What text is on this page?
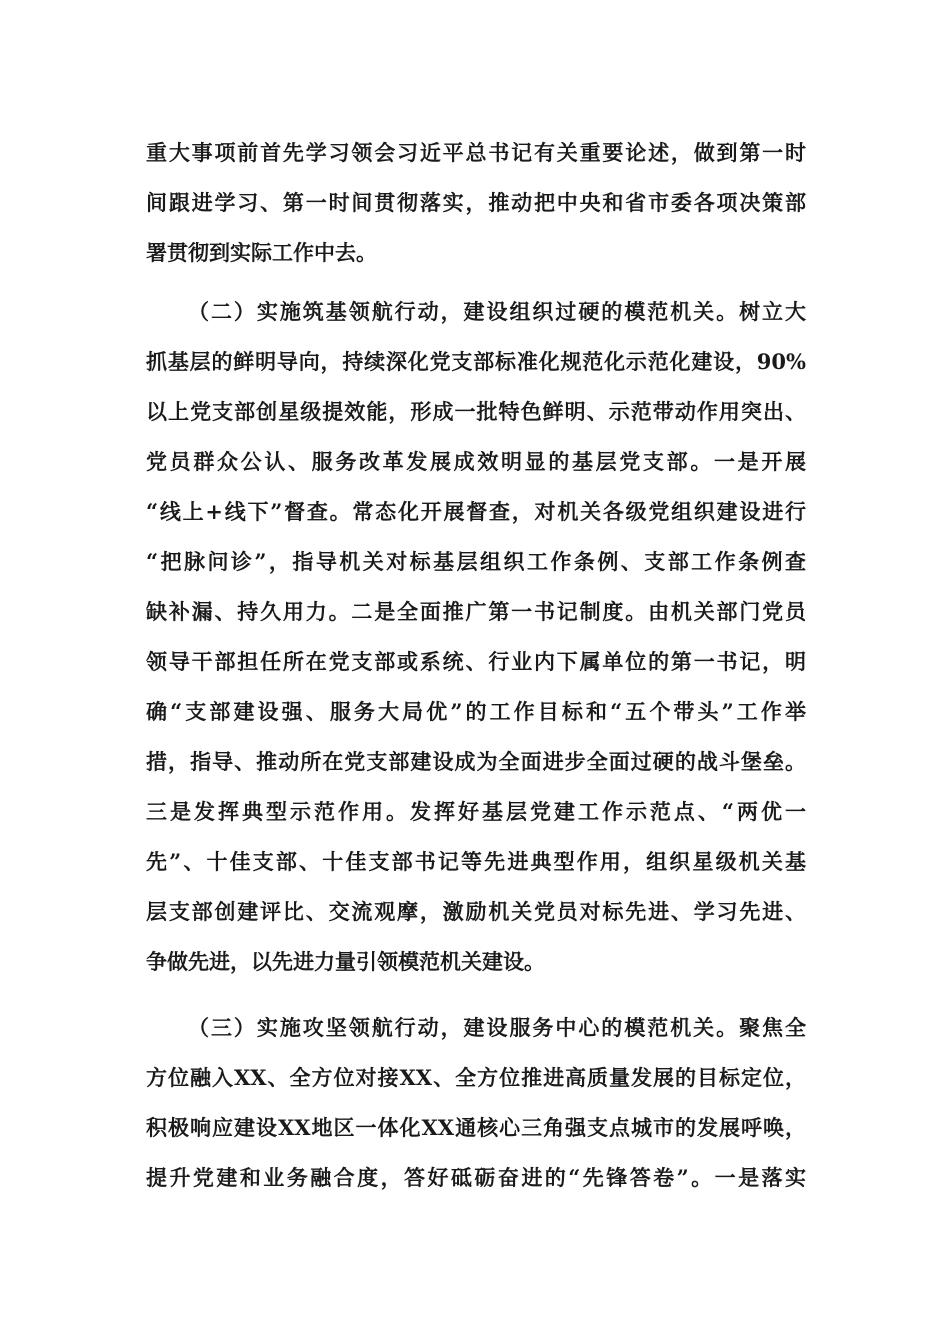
重大事项前首先学习领会习近平总书记有关重要论述，做到第一时
间跟进学习、第一时间贯彻落实，推动把中央和省市委各项决策部
署贯彻到实际工作中去。
（二）实施筑基领航行动，建设组织过硬的模范机关。树立大
抓基层的鲜明导向，持续深化党支部标准化规范化示范化建设，90%
以上党支部创星级提效能，形成一批特色鲜明、示范带动作用突出、
党员群众公认、服务改革发展成效明显的基层党支部。一是开展
“线上+线下”督查。常态化开展督查，对机关各级党组织建设进行
“把脉问诊”，指导机关对标基层组织工作条例、支部工作条例查
缺补漏、持久用力。二是全面推广第一书记制度。由机关部门党员
领导干部担任所在党支部或系统、行业内下属单位的第一书记，明
确“支部建设强、服务大局优”的工作目标和“五个带头”工作举
措，指导、推动所在党支部建设成为全面进步全面过硬的战斗堡垒。
三是发挥典型示范作用。发挥好基层党建工作示范点、“两优一
先”、十佳支部、十佳支部书记等先进典型作用，组织星级机关基
层支部创建评比、交流观摩，激励机关党员对标先进、学习先进、
争做先进，以先进力量引领模范机关建设。
（三）实施攻坚领航行动，建设服务中心的模范机关。聚焦全
方位融入XX、全方位对接XX、全方位推进高质量发展的目标定位，
积极响应建设XX地区一体化XX通核心三角强支点城市的发展呼唤，
提升党建和业务融合度，答好砥砺奋进的“先锋答卷”。一是落实
